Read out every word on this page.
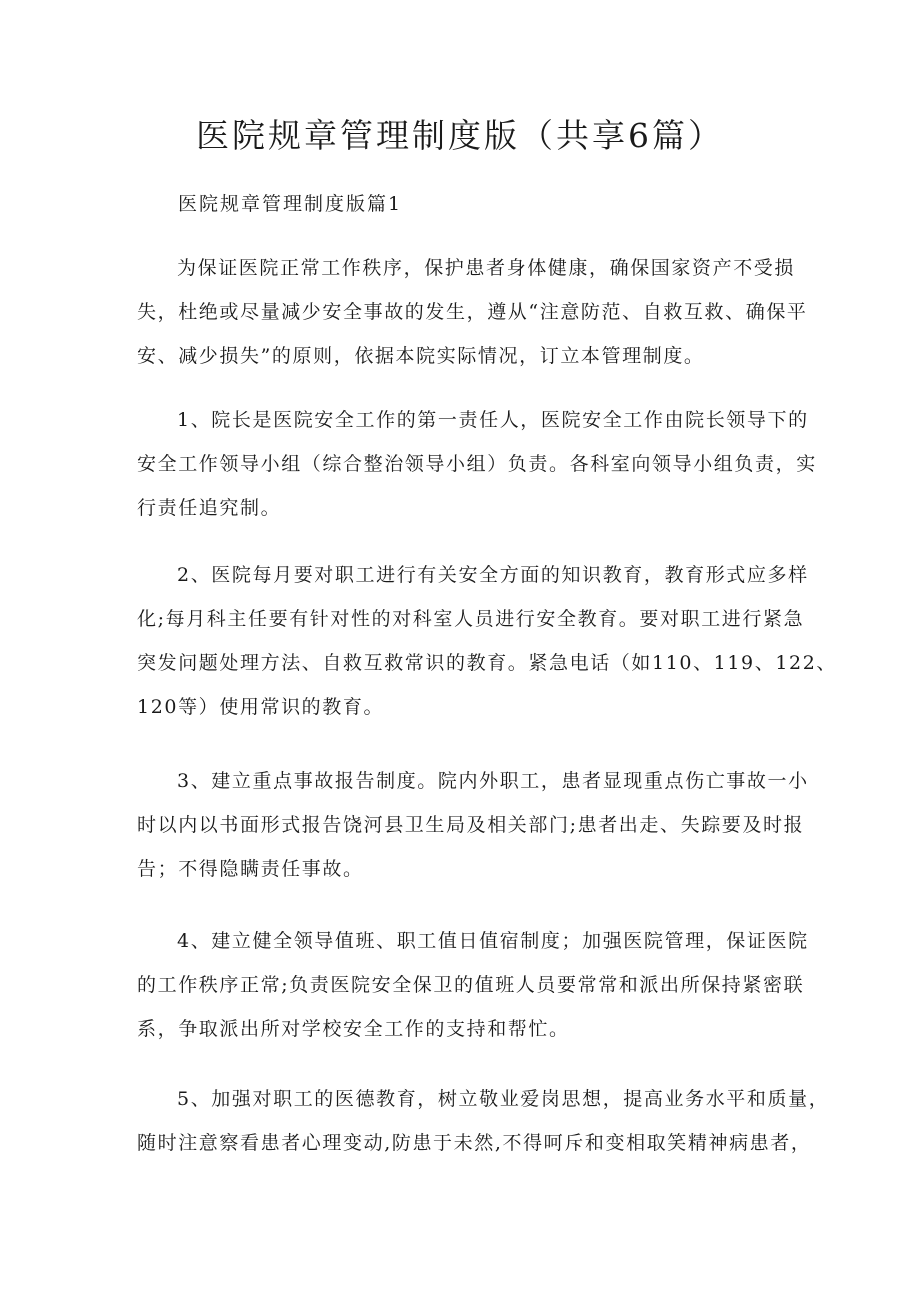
医院规章管理制度版（共享6篇）

医院规章管理制度版篇1

为保证医院正常工作秩序，保护患者身体健康，确保国家资产不受损
失，杜绝或尽量减少安全事故的发生，遵从“注意防范、自救互救、确保平
安、减少损失”的原则，依据本院实际情况，订立本管理制度。

1、院长是医院安全工作的第一责任人，医院安全工作由院长领导下的
安全工作领导小组（综合整治领导小组）负责。各科室向领导小组负责，实
行责任追究制。

2、医院每月要对职工进行有关安全方面的知识教育，教育形式应多样
化;每月科主任要有针对性的对科室人员进行安全教育。要对职工进行紧急
突发问题处理方法、自救互救常识的教育。紧急电话（如110、119、122、
120等）使用常识的教育。

3、建立重点事故报告制度。院内外职工，患者显现重点伤亡事故一小
时以内以书面形式报告饶河县卫生局及相关部门;患者出走、失踪要及时报
告；不得隐瞒责任事故。

4、建立健全领导值班、职工值日值宿制度；加强医院管理，保证医院
的工作秩序正常;负责医院安全保卫的值班人员要常常和派出所保持紧密联
系，争取派出所对学校安全工作的支持和帮忙。

5、加强对职工的医德教育，树立敬业爱岗思想，提高业务水平和质量，
随时注意察看患者心理变动,防患于未然,不得呵斥和变相取笑精神病患者，
